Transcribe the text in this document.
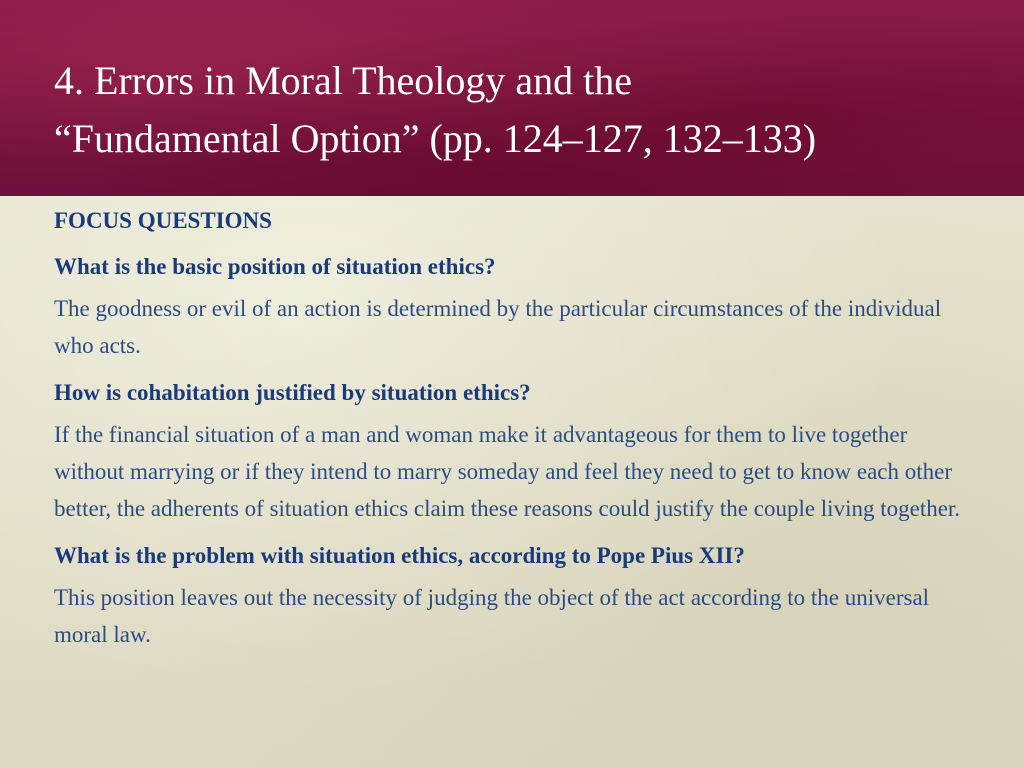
4. Errors in Moral Theology and the
“Fundamental Option” (pp. 124–127, 132–133)

FOCUS QUESTIONS

What is the basic position of situation ethics?

The goodness or evil of an action is determined by the particular circumstances of the individual who acts.

How is cohabitation justified by situation ethics?

If the financial situation of a man and woman make it advantageous for them to live together without marrying or if they intend to marry someday and feel they need to get to know each other better, the adherents of situation ethics claim these reasons could justify the couple living together.

What is the problem with situation ethics, according to Pope Pius XII?

This position leaves out the necessity of judging the object of the act according to the universal moral law.
